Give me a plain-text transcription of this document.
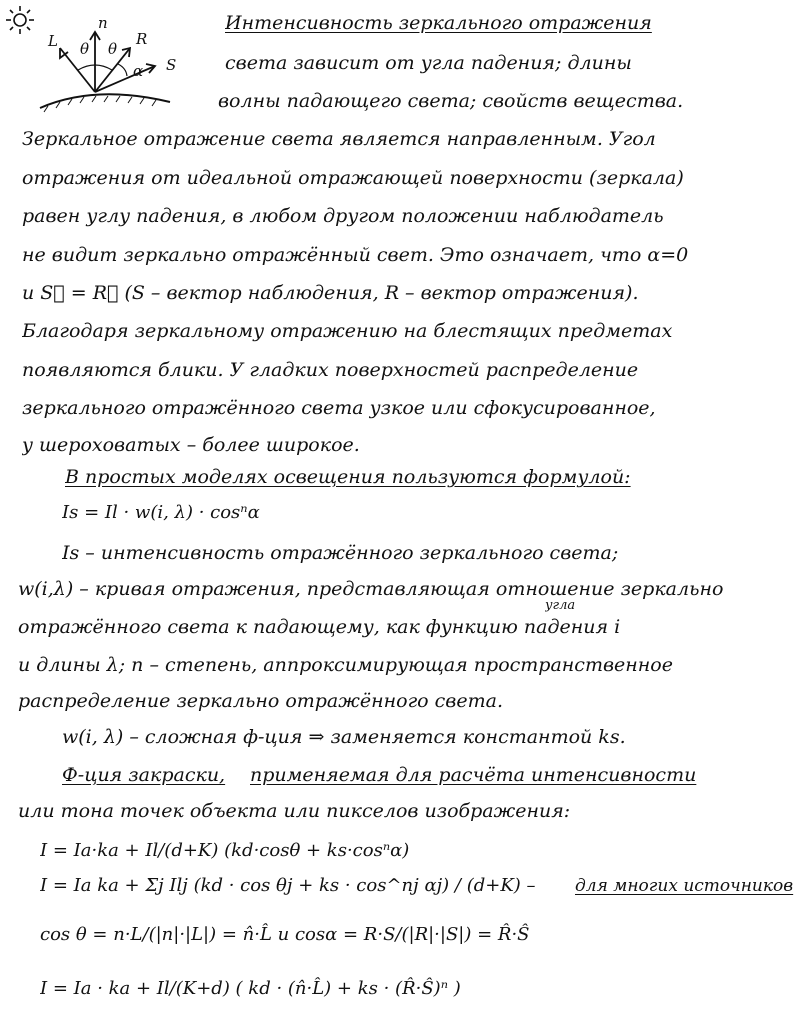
L
n
R
S
θ θ
α
Интенсивность зеркального отражения
света зависит от угла падения; длины
волны падающего света; свойств вещества.
Зеркальное отражение света является направленным. Угол
отражения от идеальной отражающей поверхности (зеркала)
равен углу падения, в любом другом положении наблюдатель
не видит зеркально отражённый свет. Это означает, что α=0
и S⃗ = R⃗ (S – вектор наблюдения, R – вектор отражения).
Благодаря зеркальному отражению на блестящих предметах
появляются блики. У гладких поверхностей распределение
зеркального отражённого света узкое или сфокусированное,
у шероховатых – более широкое.
В простых моделях освещения пользуются формулой:
Is = Il · w(i, λ) · cosⁿα
Is – интенсивность отражённого зеркального света;
w(i,λ) – кривая отражения, представляющая отношение зеркально
угла
отражённого света к падающему, как функцию падения i
и длины λ; n – степень, аппроксимирующая пространственное
распределение зеркально отражённого света.
w(i, λ) – сложная ф-ция ⇒ заменяется константой ks.
Ф-ция закраски,	применяемая для расчёта интенсивности
или тона точек объекта или пикселов изображения:
I = Ia·ka + Il/(d+K) (kd·cosθ + ks·cosⁿα)
I = Ia ka + Σj Ilj (kd · cos θj + ks · cos^nj αj) / (d+K) –	для многих источников
cos θ = n·L/(|n|·|L|) = n̂·L̂ и cosα = R·S/(|R|·|S|) = R̂·Ŝ
I = Ia · ka + Il/(K+d) ( kd · (n̂·L̂) + ks · (R̂·Ŝ)ⁿ )
